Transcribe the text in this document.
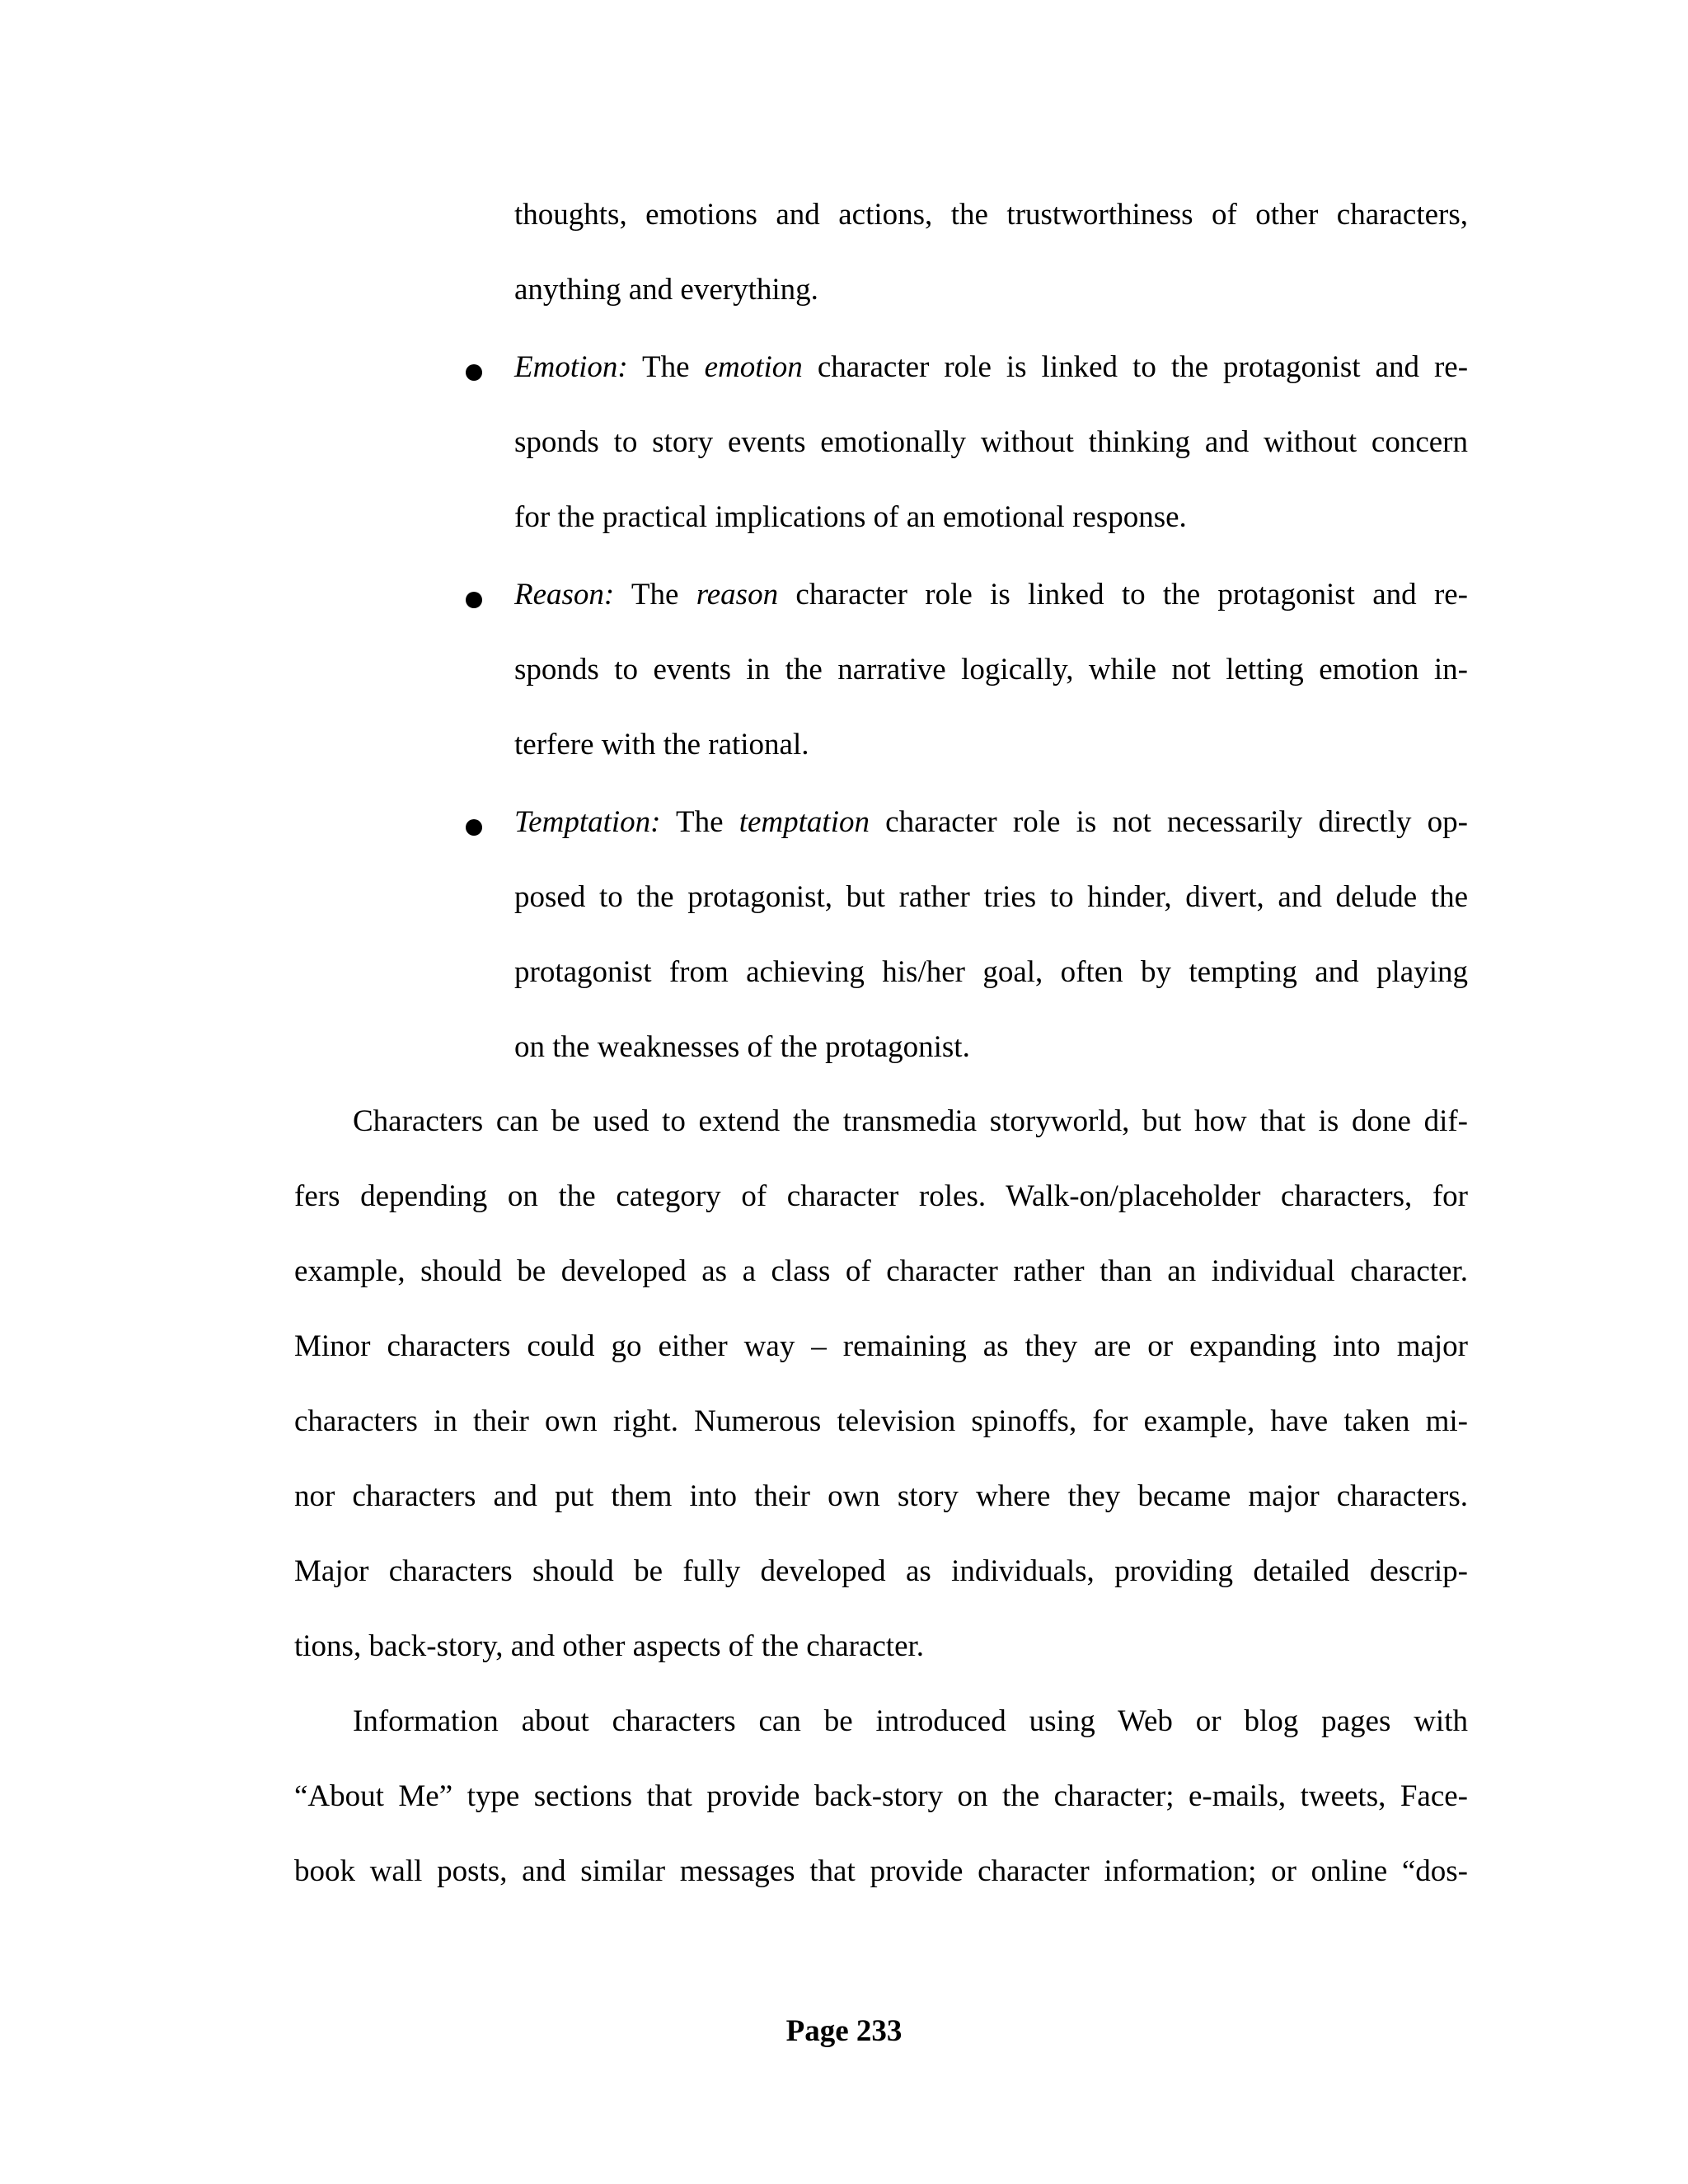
thoughts, emotions and actions, the trustworthiness of other characters,
anything and everything.
Emotion: The emotion character role is linked to the protagonist and re-
sponds to story events emotionally without thinking and without concern
for the practical implications of an emotional response.
Reason: The reason character role is linked to the protagonist and re-
sponds to events in the narrative logically, while not letting emotion in-
terfere with the rational.
Temptation: The temptation character role is not necessarily directly op-
posed to the protagonist, but rather tries to hinder, divert, and delude the
protagonist from achieving his/her goal, often by tempting and playing
on the weaknesses of the protagonist.
Characters can be used to extend the transmedia storyworld, but how that is done dif-
fers depending on the category of character roles. Walk-on/placeholder characters, for
example, should be developed as a class of character rather than an individual character.
Minor characters could go either way – remaining as they are or expanding into major
characters in their own right. Numerous television spinoffs, for example, have taken mi-
nor characters and put them into their own story where they became major characters.
Major characters should be fully developed as individuals, providing detailed descrip-
tions, back-story, and other aspects of the character.
Information about characters can be introduced using Web or blog pages with
“About Me” type sections that provide back-story on the character; e-mails, tweets, Face-
book wall posts, and similar messages that provide character information; or online “dos-
Page 233
